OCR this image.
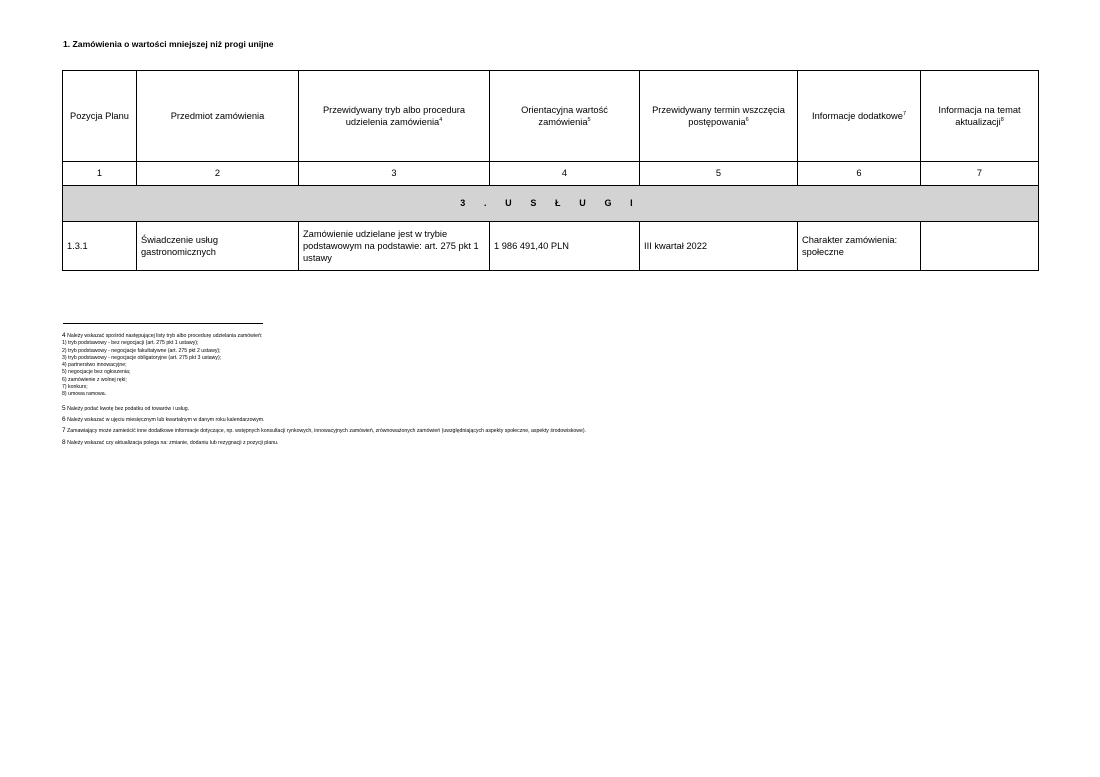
1. Zamówienia o wartości mniejszej niż progi unijne
Pozycja Planu	Przedmiot zamówienia	Przewidywany tryb albo procedura udzielenia zamówienia$^4$	Orientacyjna wartość zamówienia$^5$	Przewidywany termin wszczęcia postępowania$^6$	Informacje dodatkowe$^7$	Informacja na temat aktualizacji$^8$
1	2	3	4	5	6	7
3 . U S Ł U G I						
1.3.1	Świadczenie usług gastronomicznych	Zamówienie udzielane jest w trybie podstawowym na podstawie: art. 275 pkt 1 ustawy	1 986 491,40 PLN	III kwartał 2022	Charakter zamówienia: społeczne	

4 Należy wskazać spośród następującej listy tryb albo procedurę udzielania zamówień:

1) tryb podstawowy - bez negocjacji (art. 275 pkt 1 ustawy);

2) tryb podstawowy - negocjacje fakultatywne (art. 275 pkt 2 ustawy);

3) tryb podstawowy - negocjacje obligatoryjne (art. 275 pkt 3 ustawy);

4) partnerstwo innowacyjne;

5) negocjacje bez ogłoszenia;

6) zamówienie z wolnej ręki;

7) konkurs;

8) umowa ramowa.

5 Należy podać kwotę bez podatku od towarów i usług.

6 Należy wskazać w ujęciu miesięcznym lub kwartalnym w danym roku kalendarzowym.

7 Zamawiający może zamieścić inne dodatkowe informacje dotyczące, np. wstępnych konsultacji rynkowych, innowacyjnych zamówień, zrównoważonych zamówień (uwzględniających aspekty społeczne, aspekty środowiskowe).

8 Należy wskazać czy aktualizacja polega na: zmianie, dodaniu lub rezygnacji z pozycji planu.
